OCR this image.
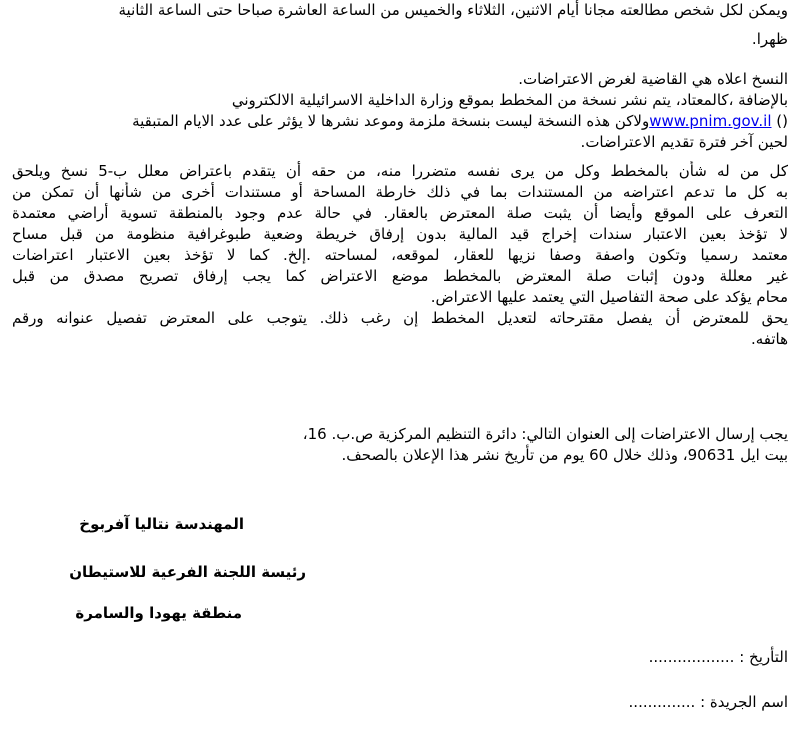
ويمكن لكل شخص مطالعته مجانا أيام الاثنين، الثلاثاء والخميس من الساعة العاشرة صباحا حتى الساعة الثانية
ظهرا.
النسخ اعلاه هي القاضية لغرض الاعتراضات.
بالإضافة ،كالمعتاد، يتم نشر نسخة من المخطط بموقع وزارة الداخلية الاسرائيلية الالكتروني
() www.pnim.gov.ilولاكن هذه النسخة ليست بنسخة ملزمة وموعد نشرها لا يؤثر على عدد الايام المتبقية
لحين آخر فترة تقديم الاعتراضات.
كل من له شأن بالمخطط وكل من يرى نفسه متضررا منه، من حقه أن يتقدم باعتراض معلل ب-5 نسخ ويلحق
به كل ما تدعم اعتراضه من المستندات بما في ذلك خارطة المساحة أو مستندات أخرى من شأنها أن تمكن من
التعرف على الموقع وأيضا أن يثبت صلة المعترض بالعقار. في حالة عدم وجود بالمنطقة تسوية أراضي معتمدة
لا تؤخذ بعين الاعتبار سندات إخراج قيد المالية بدون إرفاق خريطة وضعية طبوغرافية منظومة من قبل مساح
معتمد رسميا وتكون واصفة وصفا نزيها للعقار، لموقعه، لمساحته .إلخ. كما لا تؤخذ بعين الاعتبار اعتراضات
غير معللة ودون إثبات صلة المعترض بالمخطط موضع الاعتراض كما يجب إرفاق تصريح مصدق من قبل
محام يؤكد على صحة التفاصيل التي يعتمد عليها الاعتراض.
يحق للمعترض أن يفصل مقترحاته لتعديل المخطط إن رغب ذلك. يتوجب على المعترض تفصيل عنوانه ورقم
هاتفه.
يجب إرسال الاعتراضات إلى العنوان التالي: دائرة التنظيم المركزية ص.ب. 16،
بيت ايل 90631، وذلك خلال 60 يوم من تأريخ نشر هذا الإعلان بالصحف.

المهندسة نتاليا آفربوخ

رئيسة اللجنة الفرعية للاستيطان

منطقة يهودا والسامرة

التأريخ : ..................

اسم الجريدة : ..............
